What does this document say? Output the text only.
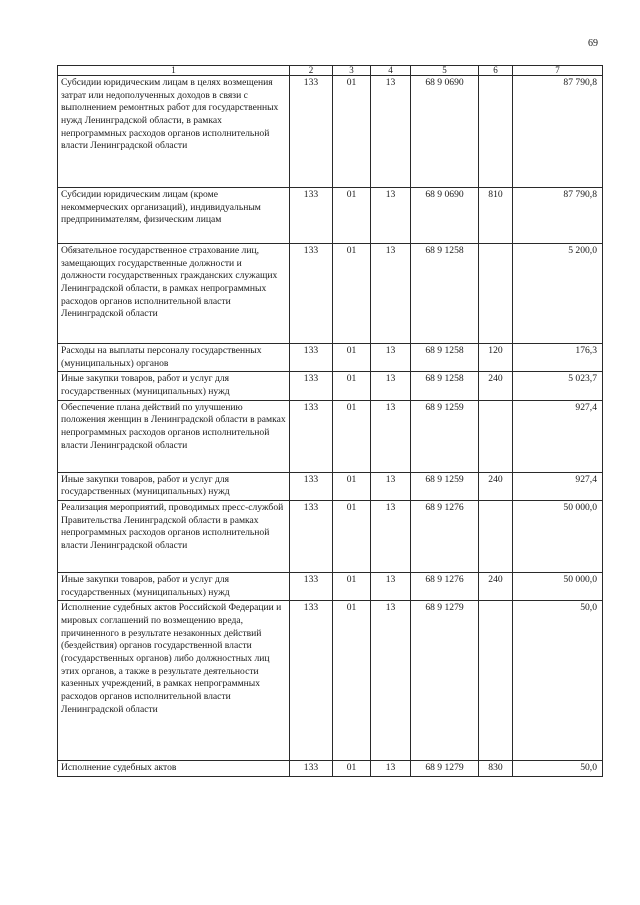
69
1	2	3	4	5	6	7
Субсидии юридическим лицам в целях возмещения затрат или недополученных доходов в связи с выполнением ремонтных работ для государственных нужд Ленинградской области, в рамках непрограммных расходов органов исполнительной власти Ленинградской области	133	01	13	68 9 0690		87 790,8
Субсидии юридическим лицам (кроме некоммерческих организаций), индивидуальным предпринимателям, физическим лицам	133	01	13	68 9 0690	810	87 790,8
Обязательное государственное страхование лиц, замещающих государственные должности и должности государственных гражданских служащих Ленинградской области, в рамках непрограммных расходов органов исполнительной власти Ленинградской области	133	01	13	68 9 1258		5 200,0
Расходы на выплаты персоналу государственных (муниципальных) органов	133	01	13	68 9 1258	120	176,3
Иные закупки товаров, работ и услуг для государственных (муниципальных) нужд	133	01	13	68 9 1258	240	5 023,7
Обеспечение плана действий по улучшению положения женщин в Ленинградской области в рамках непрограммных расходов органов исполнительной власти Ленинградской области	133	01	13	68 9 1259		927,4
Иные закупки товаров, работ и услуг для государственных (муниципальных) нужд	133	01	13	68 9 1259	240	927,4
Реализация мероприятий, проводимых пресс-службой Правительства Ленинградской области в рамках непрограммных расходов органов исполнительной власти Ленинградской области	133	01	13	68 9 1276		50 000,0
Иные закупки товаров, работ и услуг для государственных (муниципальных) нужд	133	01	13	68 9 1276	240	50 000,0
Исполнение судебных актов Российской Федерации и мировых соглашений по возмещению вреда, причиненного в результате незаконных действий (бездействия) органов государственной власти (государственных органов) либо должностных лиц этих органов, а также в результате деятельности казенных учреждений, в рамках непрограммных расходов органов исполнительной власти Ленинградской области	133	01	13	68 9 1279		50,0
Исполнение судебных актов	133	01	13	68 9 1279	830	50,0
